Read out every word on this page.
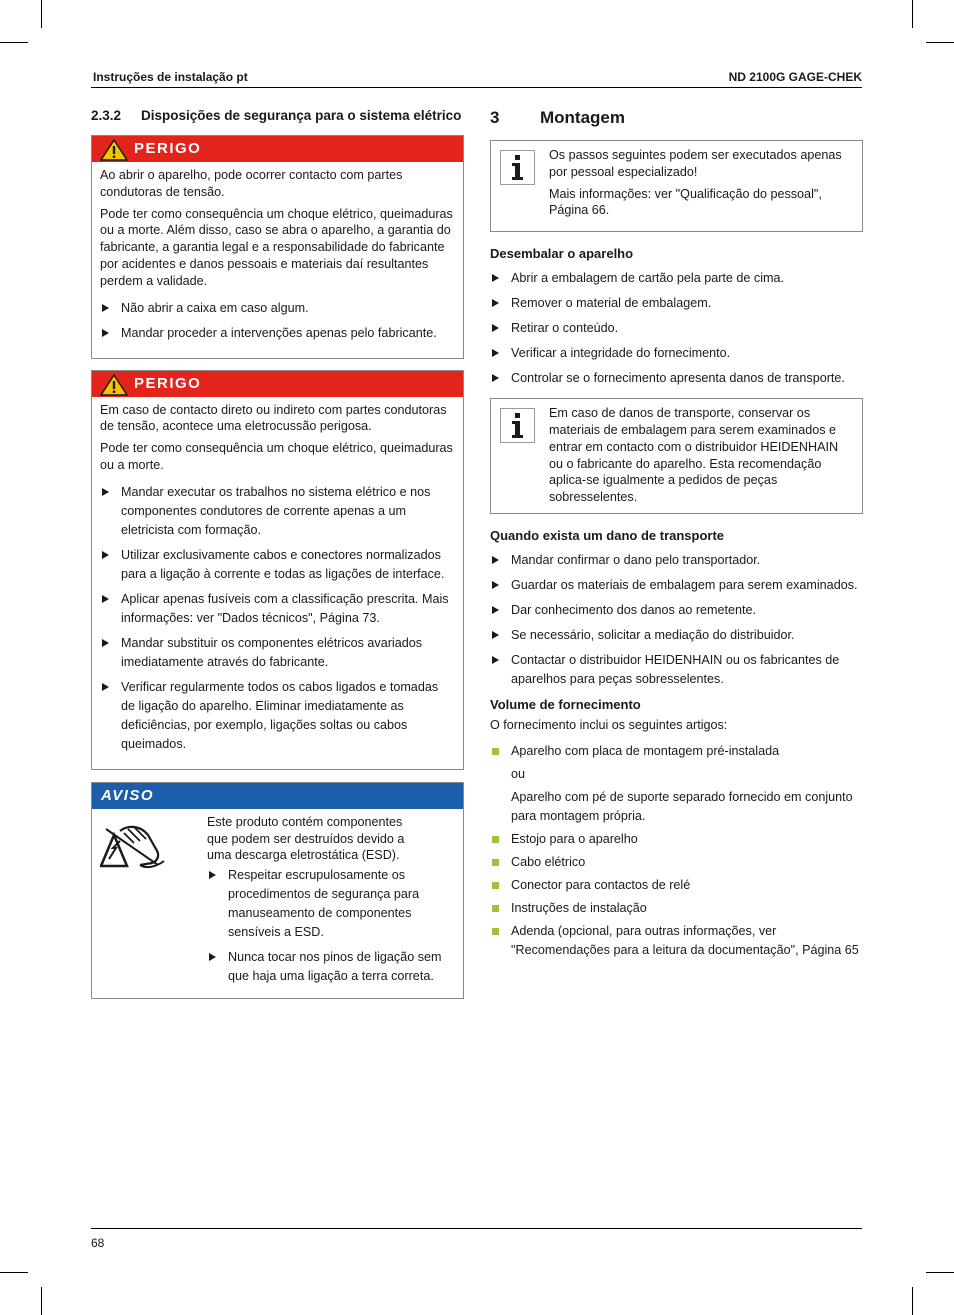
Instruções de instalação pt	ND 2100G GAGE-CHEK
2.3.2	Disposições de segurança para o sistema elétrico
PERIGO

Ao abrir o aparelho, pode ocorrer contacto com partes condutoras de tensão.

Pode ter como consequência um choque elétrico, queimaduras ou a morte. Além disso, caso se abra o aparelho, a garantia do fabricante, a garantia legal e a responsabilidade do fabricante por acidentes e danos pessoais e materiais daí resultantes perdem a validade.

Não abrir a caixa em caso algum.
Mandar proceder a intervenções apenas pelo fabricante.
PERIGO

Em caso de contacto direto ou indireto com partes condutoras de tensão, acontece uma eletrocussão perigosa.

Pode ter como consequência um choque elétrico, queimaduras ou a morte.

Mandar executar os trabalhos no sistema elétrico e nos componentes condutores de corrente apenas a um eletricista com formação.
Utilizar exclusivamente cabos e conectores normalizados para a ligação à corrente e todas as ligações de interface.
Aplicar apenas fusíveis com a classificação prescrita. Mais informações: ver "Dados técnicos", Página 73.
Mandar substituir os componentes elétricos avariados imediatamente através do fabricante.
Verificar regularmente todos os cabos ligados e tomadas de ligação do aparelho. Eliminar imediatamente as deficiências, por exemplo, ligações soltas ou cabos queimados.
AVISO
Este produto contém componentes que podem ser destruídos devido a uma descarga eletrostática (ESD).
Respeitar escrupulosamente os procedimentos de segurança para manuseamento de componentes sensíveis a ESD.
Nunca tocar nos pinos de ligação sem que haja uma ligação a terra correta.
3	Montagem

Os passos seguintes podem ser executados apenas por pessoal especializado!

Mais informações: ver "Qualificação do pessoal", Página 66.

Desembalar o aparelho
Abrir a embalagem de cartão pela parte de cima.
Remover o material de embalagem.
Retirar o conteúdo.
Verificar a integridade do fornecimento.
Controlar se o fornecimento apresenta danos de transporte.

Em caso de danos de transporte, conservar os materiais de embalagem para serem examinados e entrar em contacto com o distribuidor HEIDENHAIN ou o fabricante do aparelho. Esta recomendação aplica-se igualmente a pedidos de peças sobresselentes.

Quando exista um dano de transporte
Mandar confirmar o dano pelo transportador.
Guardar os materiais de embalagem para serem examinados.
Dar conhecimento dos danos ao remetente.
Se necessário, solicitar a mediação do distribuidor.
Contactar o distribuidor HEIDENHAIN ou os fabricantes de aparelhos para peças sobresselentes.
Volume de fornecimento
O fornecimento inclui os seguintes artigos:
Aparelho com placa de montagem pré-instalada
ou
Aparelho com pé de suporte separado fornecido em conjunto para montagem própria.
Estojo para o aparelho
Cabo elétrico
Conector para contactos de relé
Instruções de instalação
Adenda (opcional, para outras informações, ver "Recomendações para a leitura da documentação", Página 65
68
